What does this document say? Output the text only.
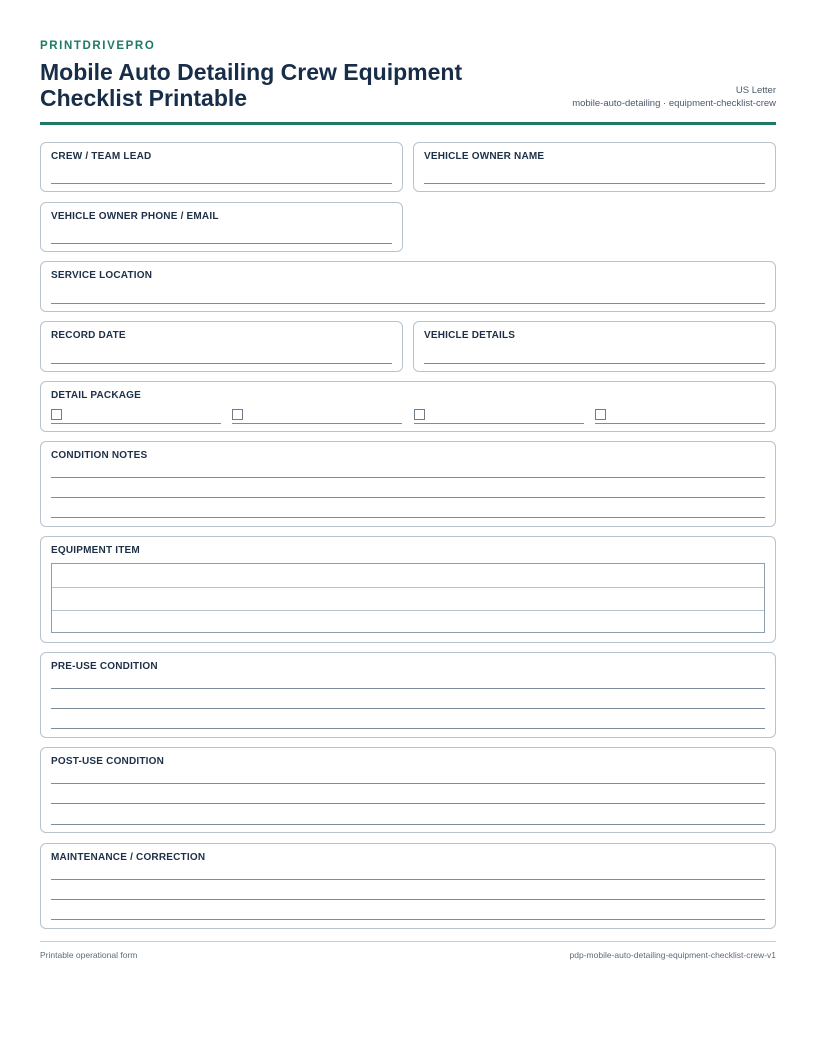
PRINTDRIVEPRO
Mobile Auto Detailing Crew Equipment Checklist Printable	US Letter
mobile-auto-detailing · equipment-checklist-crew
CREW / TEAM LEAD	VEHICLE OWNER NAME
VEHICLE OWNER PHONE / EMAIL
SERVICE LOCATION
RECORD DATE	VEHICLE DETAILS
DETAIL PACKAGE
CONDITION NOTES
EQUIPMENT ITEM
PRE-USE CONDITION
POST-USE CONDITION
MAINTENANCE / CORRECTION
Printable operational form	pdp-mobile-auto-detailing-equipment-checklist-crew-v1
